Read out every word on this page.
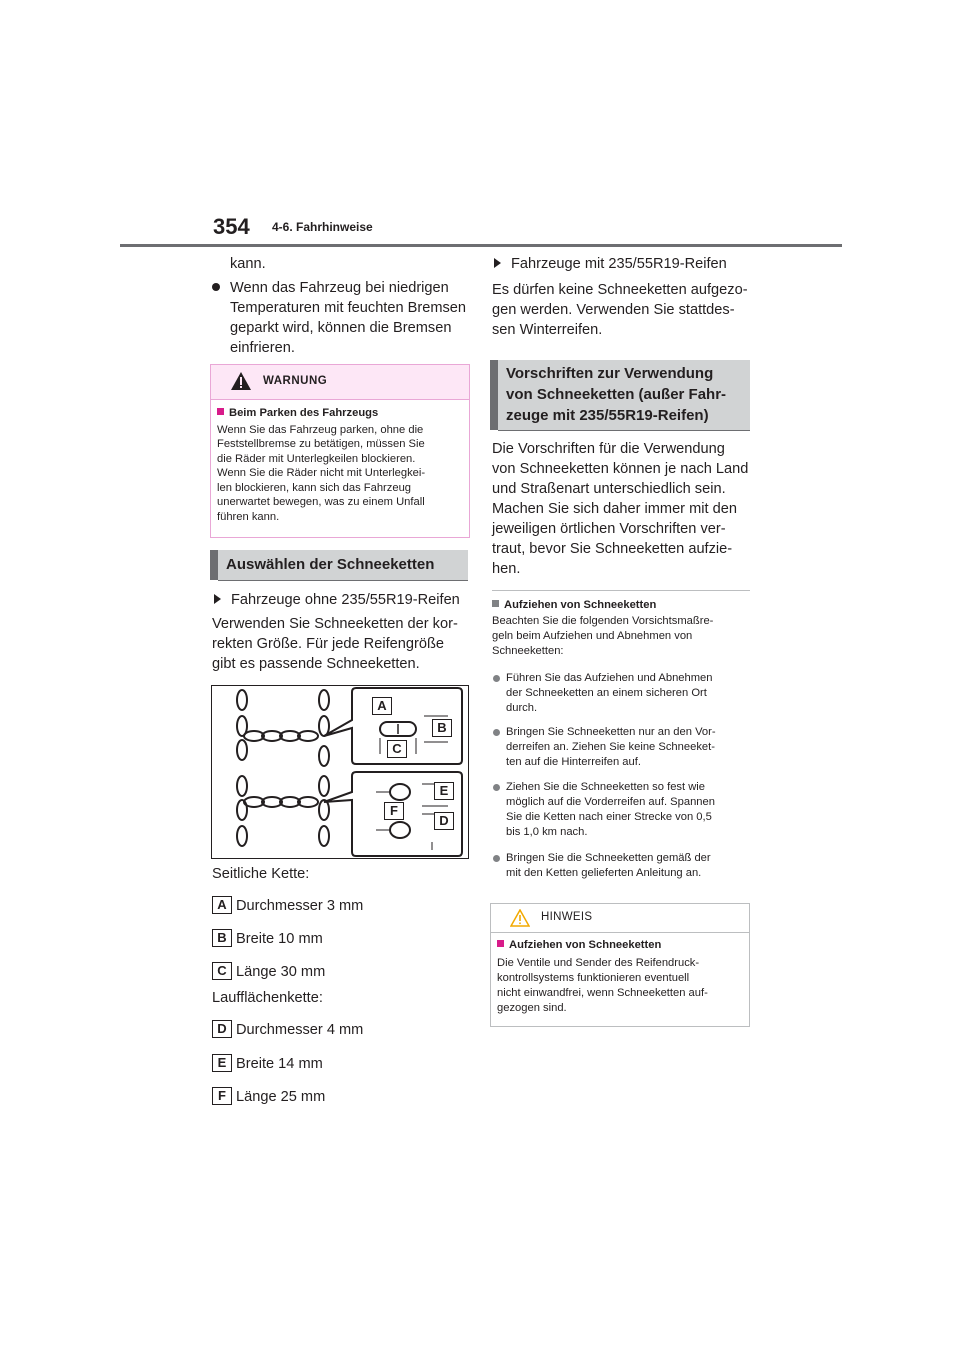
354 4-6. Fahrhinweise
kann.
Wenn das Fahrzeug bei niedrigen
Temperaturen mit feuchten Bremsen
geparkt wird, können die Bremsen
einfrieren.
WARNUNG
Beim Parken des Fahrzeugs
Wenn Sie das Fahrzeug parken, ohne die
Feststellbremse zu betätigen, müssen Sie
die Räder mit Unterlegkeilen blockieren.
Wenn Sie die Räder nicht mit Unterlegkei-
len blockieren, kann sich das Fahrzeug
unerwartet bewegen, was zu einem Unfall
führen kann.
Auswählen der Schneeketten
Fahrzeuge ohne 235/55R19-Reifen
Verwenden Sie Schneeketten der kor-
rekten Größe. Für jede Reifengröße
gibt es passende Schneeketten.
A
B
C
E
F
D
Seitliche Kette:
A Durchmesser 3 mm
B Breite 10 mm
C Länge 30 mm
Laufflächenkette:
D Durchmesser 4 mm
E Breite 14 mm
F Länge 25 mm
Fahrzeuge mit 235/55R19-Reifen
Es dürfen keine Schneeketten aufgezo-
gen werden. Verwenden Sie stattdes-
sen Winterreifen.
Vorschriften zur Verwendung
von Schneeketten (außer Fahr-
zeuge mit 235/55R19-Reifen)
Die Vorschriften für die Verwendung
von Schneeketten können je nach Land
und Straßenart unterschiedlich sein.
Machen Sie sich daher immer mit den
jeweiligen örtlichen Vorschriften ver-
traut, bevor Sie Schneeketten aufzie-
hen.
Aufziehen von Schneeketten
Beachten Sie die folgenden Vorsichtsmaßre-
geln beim Aufziehen und Abnehmen von
Schneeketten:
Führen Sie das Aufziehen und Abnehmen
der Schneeketten an einem sicheren Ort
durch.
Bringen Sie Schneeketten nur an den Vor-
derreifen an. Ziehen Sie keine Schneeket-
ten auf die Hinterreifen auf.
Ziehen Sie die Schneeketten so fest wie
möglich auf die Vorderreifen auf. Spannen
Sie die Ketten nach einer Strecke von 0,5
bis 1,0 km nach.
Bringen Sie die Schneeketten gemäß der
mit den Ketten gelieferten Anleitung an.
HINWEIS
Aufziehen von Schneeketten
Die Ventile und Sender des Reifendruck-
kontrollsystems funktionieren eventuell
nicht einwandfrei, wenn Schneeketten auf-
gezogen sind.
